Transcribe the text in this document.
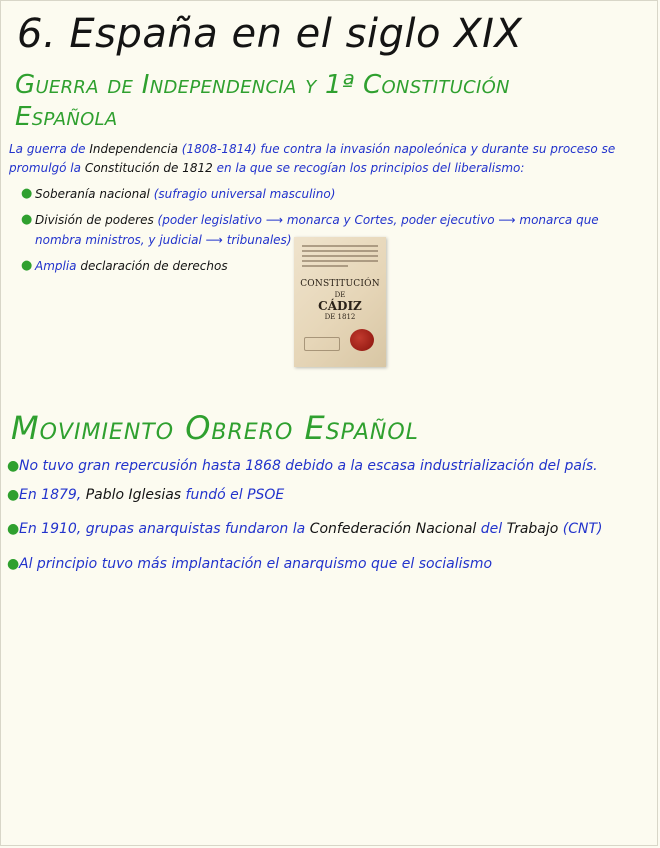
6. España en el siglo XIX
Guerra de Independencia y 1ª Constitución Española
La guerra de Independencia (1808-1814) fue contra la invasión napoleónica y durante su proceso se promulgó la Constitución de 1812 en la que se recogían los principios del liberalismo:
● Soberanía nacional (sufragio universal masculino)
● División de poderes (poder legislativo ⟶ monarca y Cortes, poder ejecutivo ⟶ monarca que nombra ministros, y judicial ⟶ tribunales)
● Amplia declaración de derechos
CONSTITUCIÓN
DE
CÁDIZ
DE 1812
Movimiento Obrero Español
● No tuvo gran repercusión hasta 1868 debido a la escasa industrialización del país.
● En 1879, Pablo Iglesias fundó el PSOE
● En 1910, grupas anarquistas fundaron la Confederación Nacional del Trabajo (CNT)
● Al principio tuvo más implantación el anarquismo que el socialismo
